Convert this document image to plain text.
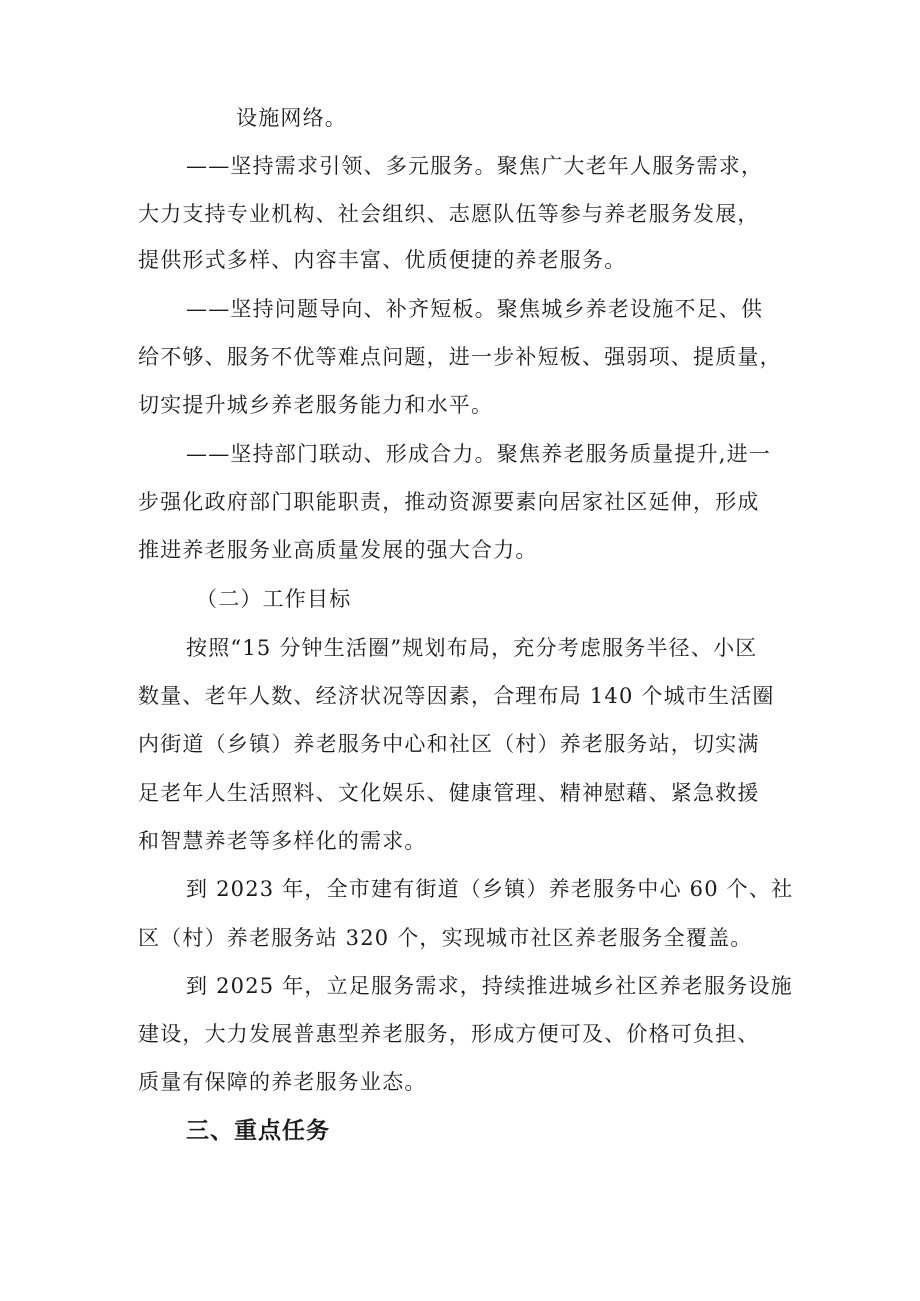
设施网络。
——坚持需求引领、多元服务。聚焦广大老年人服务需求，
大力支持专业机构、社会组织、志愿队伍等参与养老服务发展，
提供形式多样、内容丰富、优质便捷的养老服务。
——坚持问题导向、补齐短板。聚焦城乡养老设施不足、供
给不够、服务不优等难点问题，进一步补短板、强弱项、提质量，
切实提升城乡养老服务能力和水平。
——坚持部门联动、形成合力。聚焦养老服务质量提升,进一
步强化政府部门职能职责，推动资源要素向居家社区延伸，形成
推进养老服务业高质量发展的强大合力。
（二）工作目标
按照“15 分钟生活圈”规划布局，充分考虑服务半径、小区
数量、老年人数、经济状况等因素，合理布局 140 个城市生活圈
内街道（乡镇）养老服务中心和社区（村）养老服务站，切实满
足老年人生活照料、文化娱乐、健康管理、精神慰藉、紧急救援
和智慧养老等多样化的需求。
到 2023 年，全市建有街道（乡镇）养老服务中心 60 个、社
区（村）养老服务站 320 个，实现城市社区养老服务全覆盖。
到 2025 年，立足服务需求，持续推进城乡社区养老服务设施
建设，大力发展普惠型养老服务，形成方便可及、价格可负担、
质量有保障的养老服务业态。
三、重点任务
